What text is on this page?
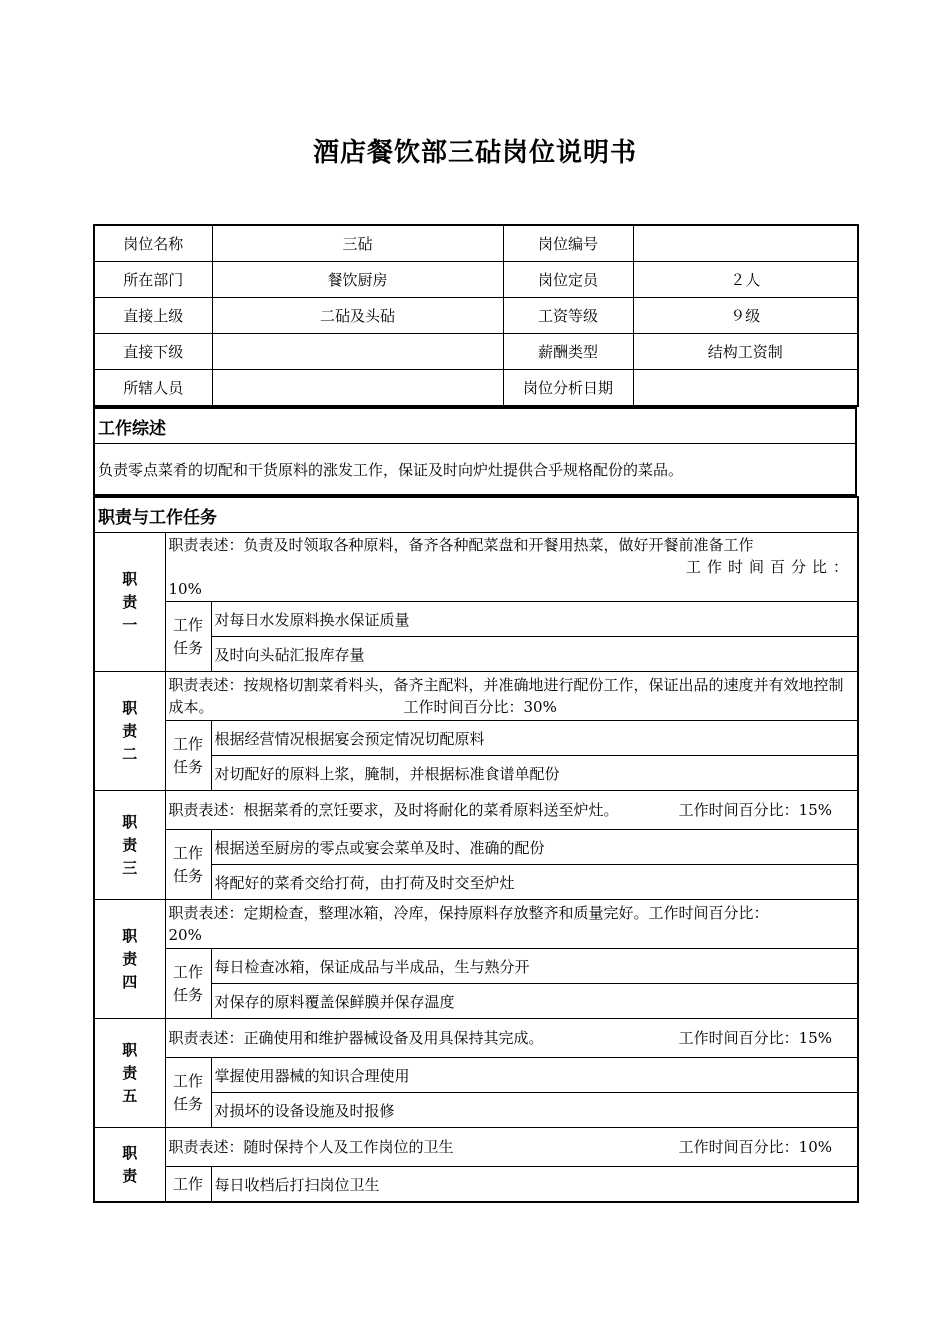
酒店餐饮部三砧岗位说明书
岗位名称	三砧	岗位编号	
所在部门	餐饮厨房	岗位定员	２人
直接上级	二砧及头砧	工资等级	９级
直接下级		薪酬类型	结构工资制
所辖人员		岗位分析日期	
工作综述
负责零点菜肴的切配和干货原料的涨发工作，保证及时向炉灶提供合乎规格配份的菜品。
职责与工作任务		
职责一	职责表述：负责及时领取各种原料，备齐各种配菜盘和开餐用热菜，做好开餐前准备工作
工作时间百分比：
10%	

	工作任务	对每日水发原料换水保证质量
		及时向头砧汇报库存量
职责二	职责表述：按规格切割菜肴料头，备齐主配料，并准确地进行配份工作，保证出品的速度并有效地控制成本。 工作时间百分比：30%	
	工作任务	根据经营情况根据宴会预定情况切配原料
		对切配好的原料上浆，腌制，并根据标准食谱单配份
职责三	职责表述：根据菜肴的烹饪要求，及时将耐化的菜肴原料送至炉灶。 工作时间百分比：15%	

	工作任务	根据送至厨房的零点或宴会菜单及时、准确的配份
		将配好的菜肴交给打荷，由打荷及时交至炉灶
职责四	职责表述：定期检查，整理冰箱，冷库，保持原料存放整齐和质量完好。工作时间百分比：
20%	

	工作任务	每日检查冰箱，保证成品与半成品，生与熟分开
		对保存的原料覆盖保鲜膜并保存温度
职责五	职责表述：正确使用和维护器械设备及用具保持其完成。 工作时间百分比：15%	

	工作任务	掌握使用器械的知识合理使用
		对损坏的设备设施及时报修
职责	职责表述：随时保持个人及工作岗位的卫生 工作时间百分比：10%	

	工作	每日收档后打扫岗位卫生
